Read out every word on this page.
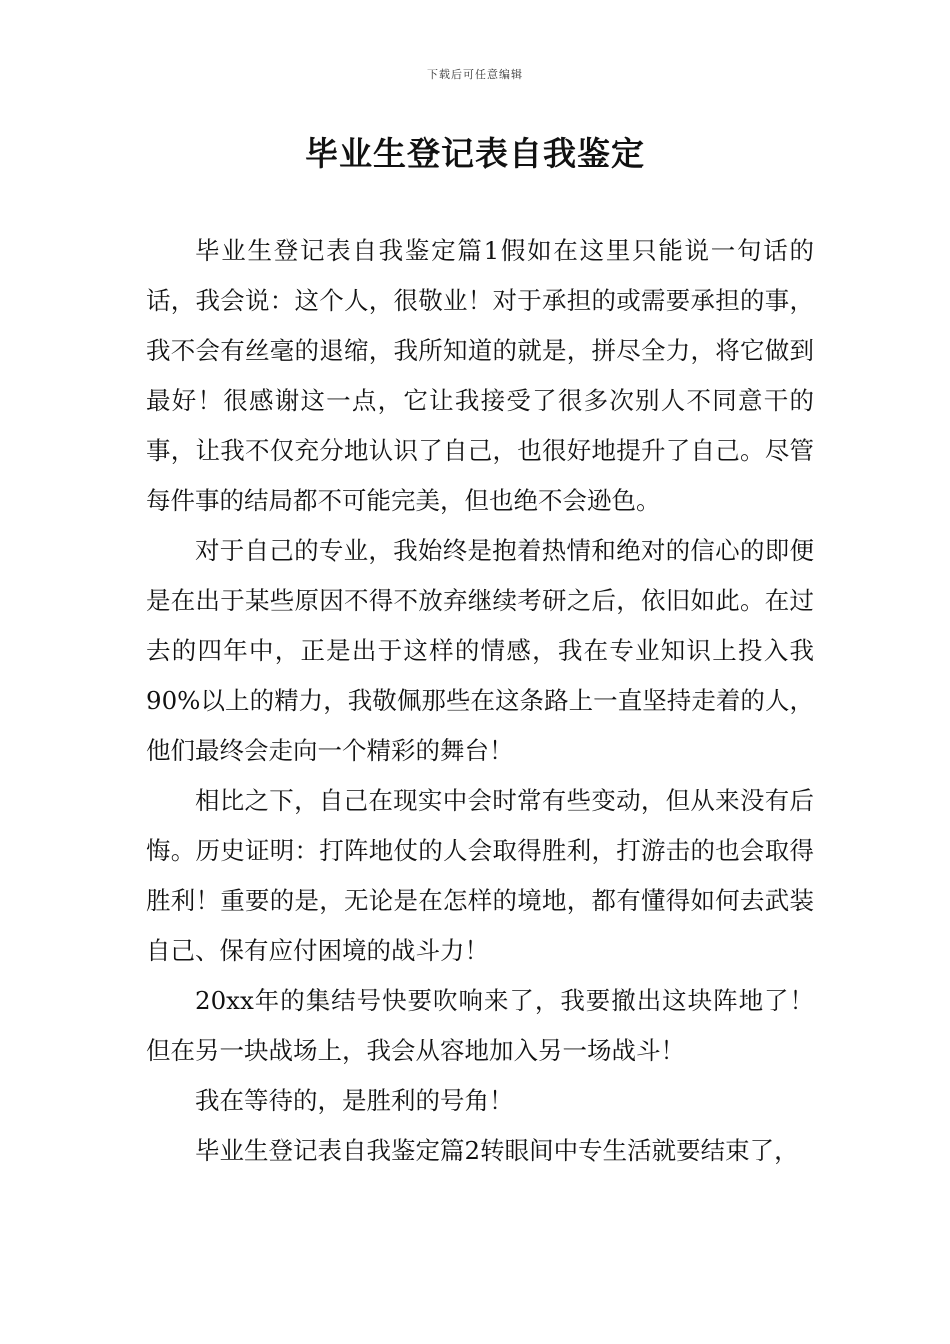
下载后可任意编辑
毕业生登记表自我鉴定

毕业生登记表自我鉴定篇1假如在这里只能说一句话的话，我会说：这个人，很敬业！对于承担的或需要承担的事，我不会有丝毫的退缩，我所知道的就是，拼尽全力，将它做到最好！很感谢这一点，它让我接受了很多次别人不同意干的事，让我不仅充分地认识了自己，也很好地提升了自己。尽管每件事的结局都不可能完美，但也绝不会逊色。

对于自己的专业，我始终是抱着热情和绝对的信心的即便是在出于某些原因不得不放弃继续考研之后，依旧如此。在过去的四年中，正是出于这样的情感，我在专业知识上投入我90%以上的精力，我敬佩那些在这条路上一直坚持走着的人，他们最终会走向一个精彩的舞台！

相比之下，自己在现实中会时常有些变动，但从来没有后悔。历史证明：打阵地仗的人会取得胜利，打游击的也会取得胜利！重要的是，无论是在怎样的境地，都有懂得如何去武装自己、保有应付困境的战斗力！

20xx年的集结号快要吹响来了，我要撤出这块阵地了！但在另一块战场上，我会从容地加入另一场战斗！

我在等待的，是胜利的号角！

毕业生登记表自我鉴定篇2转眼间中专生活就要结束了，
